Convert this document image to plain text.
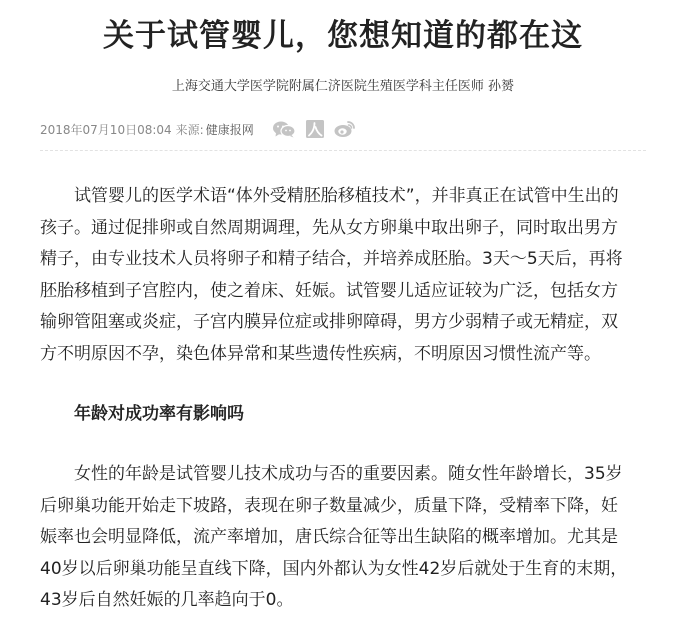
关于试管婴儿，您想知道的都在这
上海交通大学医学院附属仁济医院生殖医学科主任医师 孙赟
2018年07月10日08:04 来源: 健康报网
试管婴儿的医学术语“体外受精胚胎移植技术”，并非真正在试管中生出的
孩子。通过促排卵或自然周期调理，先从女方卵巢中取出卵子，同时取出男方
精子，由专业技术人员将卵子和精子结合，并培养成胚胎。3天～5天后，再将
胚胎移植到子宫腔内，使之着床、妊娠。试管婴儿适应证较为广泛，包括女方
输卵管阻塞或炎症，子宫内膜异位症或排卵障碍，男方少弱精子或无精症，双
方不明原因不孕，染色体异常和某些遗传性疾病，不明原因习惯性流产等。
年龄对成功率有影响吗
女性的年龄是试管婴儿技术成功与否的重要因素。随女性年龄增长，35岁
后卵巢功能开始走下坡路，表现在卵子数量减少，质量下降，受精率下降，妊
娠率也会明显降低，流产率增加，唐氏综合征等出生缺陷的概率增加。尤其是
40岁以后卵巢功能呈直线下降，国内外都认为女性42岁后就处于生育的末期，
43岁后自然妊娠的几率趋向于0。
